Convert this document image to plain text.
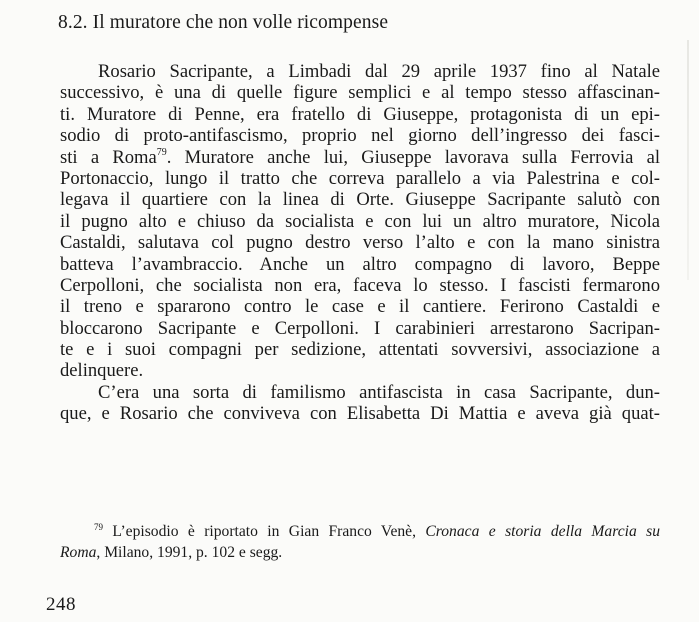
8.2. Il muratore che non volle ricompense
Rosario Sacripante, a Limbadi dal 29 aprile 1937 fino al Natale
successivo, è una di quelle figure semplici e al tempo stesso affascinan-
ti. Muratore di Penne, era fratello di Giuseppe, protagonista di un epi-
sodio di proto-antifascismo, proprio nel giorno dell’ingresso dei fasci-
sti a Roma$^{79}$. Muratore anche lui, Giuseppe lavorava sulla Ferrovia al
Portonaccio, lungo il tratto che correva parallelo a via Palestrina e col-
legava il quartiere con la linea di Orte. Giuseppe Sacripante salutò con
il pugno alto e chiuso da socialista e con lui un altro muratore, Nicola
Castaldi, salutava col pugno destro verso l’alto e con la mano sinistra
batteva l’avambraccio. Anche un altro compagno di lavoro, Beppe
Cerpolloni, che socialista non era, faceva lo stesso. I fascisti fermarono
il treno e spararono contro le case e il cantiere. Ferirono Castaldi e
bloccarono Sacripante e Cerpolloni. I carabinieri arrestarono Sacripan-
te e i suoi compagni per sedizione, attentati sovversivi, associazione a
delinquere.
C’era una sorta di familismo antifascista in casa Sacripante, dun-
que, e Rosario che conviveva con Elisabetta Di Mattia e aveva già quat-
$^{79}$ L’episodio è riportato in Gian Franco Venè, Cronaca e storia della Marcia su
Roma, Milano, 1991, p. 102 e segg.
248
